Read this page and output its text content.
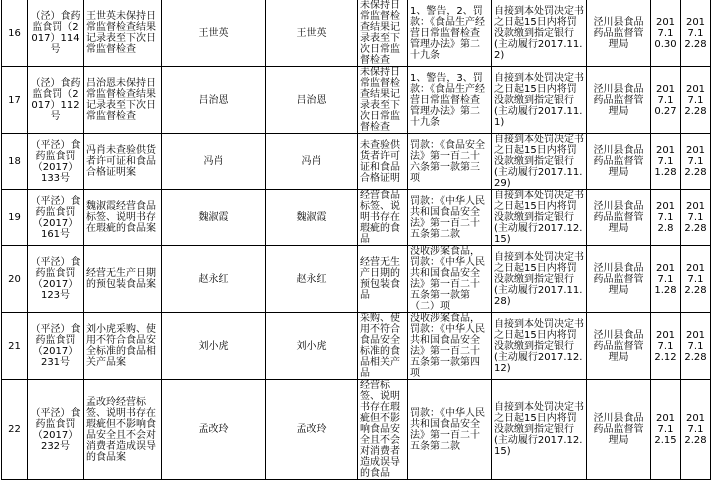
16	（泾）食药监食罚（2017）114号	王世英未保持日常监督检查结果记录表至下次日常监督检查	王世英	王世英	未保持日常监督检查结果记录表至下次日常监督检查	1、警告，2、罚款：《食品生产经营日常监督检查管理办法》第二十九条	自接到本处罚决定书之日起15日内将罚没款缴到指定银行(主动履行2017.11.2)	泾川县食品药品监督管理局	2017.10.30	2017.12.28
17	（泾）食药监食罚（2017）112号	吕治恩未保持日常监督检查结果记录表至下次日常监督检查	吕治恩	吕治恩	未保持日常监督检查结果记录表至下次日常监督检查	1、警告，3、罚款：《食品生产经营日常监督检查管理办法》第二十九条	自接到本处罚决定书之日起15日内将罚没款缴到指定银行(主动履行2017.11.1)	泾川县食品药品监督管理局	2017.10.27	2017.12.28
18	（平泾）食药监食罚（2017）133号	冯肖未查验供货者许可证和食品合格证明案	冯肖	冯肖	未查验供货者许可证和食品合格证明	罚款：《食品安全法》第一百二十六条第一款第三项	自接到本处罚决定书之日起15日内将罚没款缴到指定银行(主动履行2017.11.29)	泾川县食品药品监督管理局	2017.11.28	2017.12.28
19	（平泾）食药监食罚（2017）161号	魏淑霞经营食品标签、说明书存在瑕疵的食品案	魏淑霞	魏淑霞	经营食品标签、说明书存在瑕疵的食品	罚款：《中华人民共和国食品安全法》第一百二十五条第二款	自接到本处罚决定书之日起15日内将罚没款缴到指定银行(主动履行2017.12.15)	泾川县食品药品监督管理局	2017.12.8	2017.12.28
20	（平泾）食药监食罚（2017）123号	经营无生产日期的预包装食品案	赵永红	赵永红	经营无生产日期的预包装食品	没收涉案食品，罚款：《中华人民共和国食品安全法》第一百二十五条第一款第（二）项	自接到本处罚决定书之日起15日内将罚没款缴到指定银行(主动履行2017.11.28)	泾川县食品药品监督管理局	2017.11.28	2017.12.28
21	（平泾）食药监食罚（2017）231号	刘小虎采购、使用不符合食品安全标准的食品相关产品案	刘小虎	刘小虎	采购、使用不符合食品安全标准的食品相关产品	没收涉案食品，罚款：《中华人民共和国食品安全法》第一百二十五条第一款第四项	自接到本处罚决定书之日起15日内将罚没款缴到指定银行(主动履行2017.12.12)	泾川县食品药品监督管理局	2017.12.12	2017.12.28
22	（平泾）食药监食罚（2017）232号	孟改玲经营标签、说明书存在瑕疵但不影响食品安全且不会对消费者造成误导的食品案	孟改玲	孟改玲	经营标签、说明书存在瑕疵但不影响食品安全且不会对消费者造成误导的食品	罚款：《中华人民共和国食品安全法》第一百二十五条第二款	自接到本处罚决定书之日起15日内将罚没款缴到指定银行(主动履行2017.12.15)	泾川县食品药品监督管理局	2017.12.15	2017.12.28
